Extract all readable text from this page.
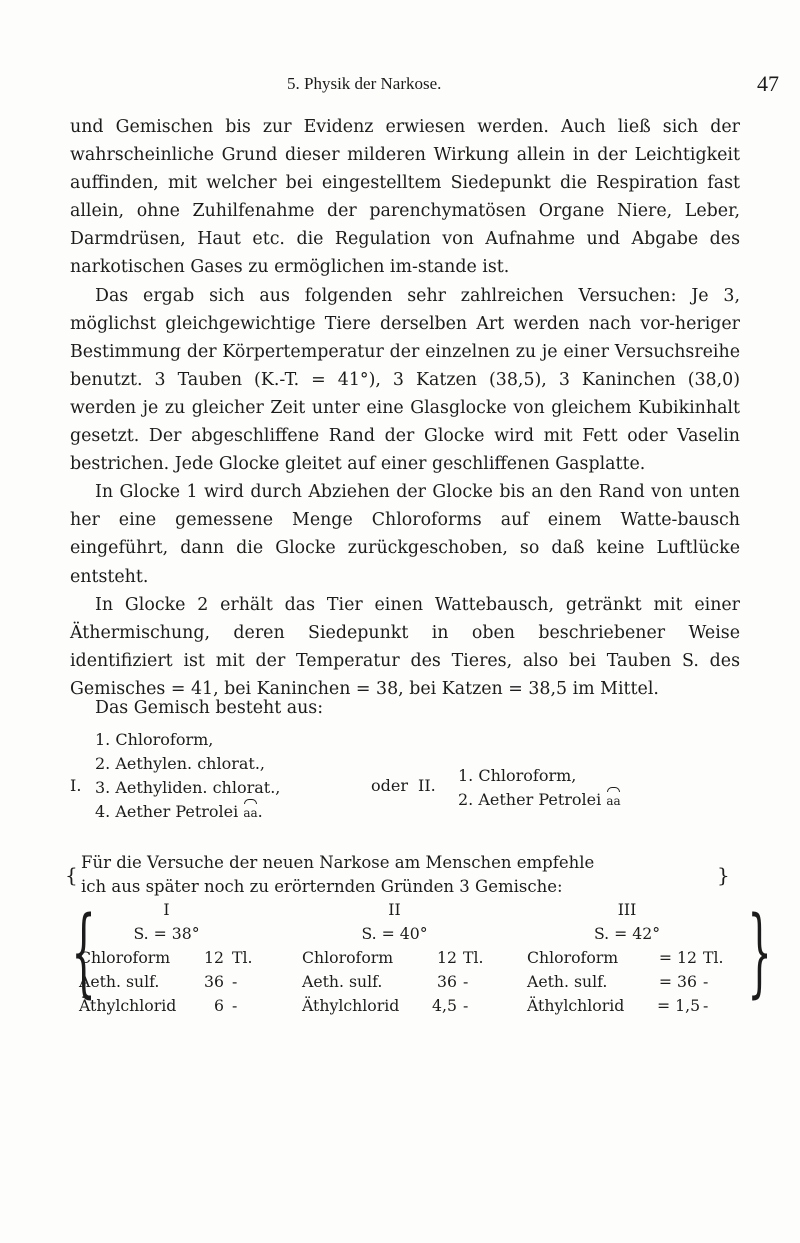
5. Physik der Narkose.	47

und Gemischen bis zur Evidenz erwiesen werden. Auch ließ sich der wahrscheinliche Grund dieser milderen Wirkung allein in der Leichtigkeit auffinden, mit welcher bei eingestelltem Siedepunkt die Respiration fast allein, ohne Zuhilfenahme der parenchymatösen Organe Niere, Leber, Darmdrüsen, Haut etc. die Regulation von Aufnahme und Abgabe des narkotischen Gases zu ermöglichen im-stande ist.

Das ergab sich aus folgenden sehr zahlreichen Versuchen: Je 3, möglichst gleichgewichtige Tiere derselben Art werden nach vor-heriger Bestimmung der Körpertemperatur der einzelnen zu je einer Versuchsreihe benutzt. 3 Tauben (K.-T. = 41°), 3 Katzen (38,5), 3 Kaninchen (38,0) werden je zu gleicher Zeit unter eine Glasglocke von gleichem Kubikinhalt gesetzt. Der abgeschliffene Rand der Glocke wird mit Fett oder Vaselin bestrichen. Jede Glocke gleitet auf einer geschliffenen Gasplatte.

In Glocke 1 wird durch Abziehen der Glocke bis an den Rand von unten her eine gemessene Menge Chloroforms auf einem Watte-bausch eingeführt, dann die Glocke zurückgeschoben, so daß keine Luftlücke entsteht.

In Glocke 2 erhält das Tier einen Wattebausch, getränkt mit einer Äthermischung, deren Siedepunkt in oben beschriebener Weise identifiziert ist mit der Temperatur des Tieres, also bei Tauben S. des Gemisches = 41, bei Kaninchen = 38, bei Katzen = 38,5 im Mittel.

Das Gemisch besteht aus:
I.
1. Chloroform,
2. Aethylen. chlorat.,
3. Aethyliden. chlorat.,
4. Aether Petrolei aa.
oder II.
1. Chloroform,
2. Aether Petrolei aa
{
Für die Versuche der neuen Narkose am Menschen empfehle
ich aus später noch zu erörternden Gründen 3 Gemische:	}
{	I
S. = 38°
Chloroform	12 Tl.
Aeth. sulf.	36 -
Äthylchlorid	6 -
II
S. = 40°
Chloroform	12 Tl.
Aeth. sulf.	36 -
Äthylchlorid	4,5 -
III
S. = 42°
Chloroform	= 12 Tl.
Aeth. sulf.	= 36 -
Äthylchlorid	= 1,5 - }
